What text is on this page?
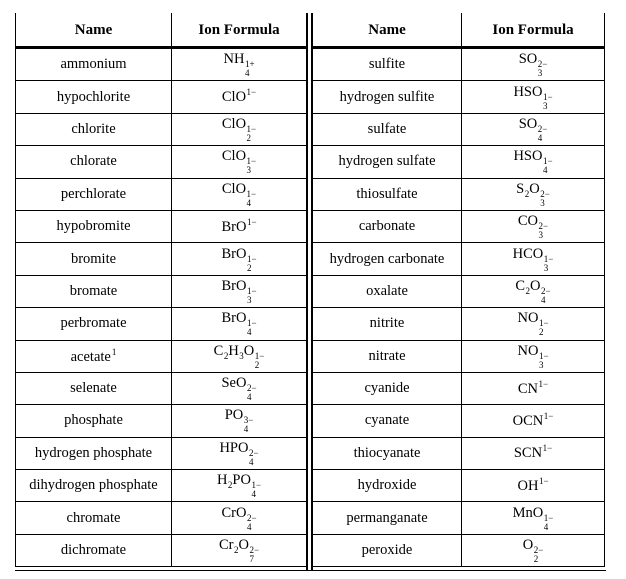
Name	Ion Formula
ammonium	NH 1+
4

hypochlorite	ClO1−
chlorite	ClO 1−
2

chlorate	ClO 1−
3

perchlorate	ClO 1−
4

hypobromite	BrO1−
bromite	BrO 1−
2

bromate	BrO 1−
3

perbromate	BrO 1−
4

acetate$^1$	C2H3O 1−
2

selenate	SeO 2−
4

phosphate	PO 3−
4

hydrogen phosphate	HPO 2−
4

dihydrogen phosphate	H2PO 1−
4

chromate	CrO 2−
4

dichromate	Cr2O 2−
7
Name	Ion Formula
sulfite	SO 2−
3

hydrogen sulfite	HSO 1−
3

sulfate	SO 2−
4

hydrogen sulfate	HSO 1−
4

thiosulfate	S2O 2−
3

carbonate	CO 2−
3

hydrogen carbonate	HCO 1−
3

oxalate	C2O 2−
4

nitrite	NO 1−
2

nitrate	NO 1−
3

cyanide	CN1−
cyanate	OCN1−
thiocyanate	SCN1−
hydroxide	OH1−
permanganate	MnO 1−
4

peroxide	O 2−
2
